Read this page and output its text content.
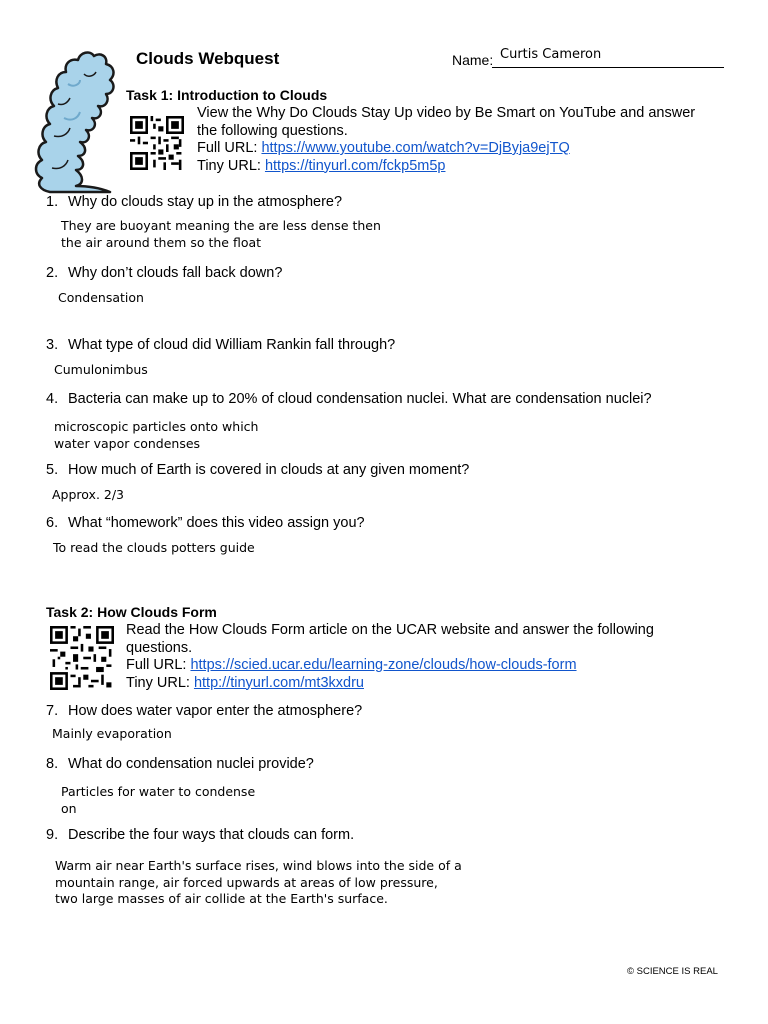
Clouds Webquest	Name: Curtis Cameron
Task 1: Introduction to Clouds
View the Why Do Clouds Stay Up video by Be Smart on YouTube and answer
the following questions.
Full URL: https://www.youtube.com/watch?v=DjByja9ejTQ
Tiny URL: https://tinyurl.com/fckp5m5p
1. Why do clouds stay up in the atmosphere?
They are buoyant meaning the are less dense then
the air around them so the float
2. Why don’t clouds fall back down?
Condensation
3. What type of cloud did William Rankin fall through?
Cumulonimbus
4. Bacteria can make up to 20% of cloud condensation nuclei. What are condensation nuclei?
microscopic particles onto which
water vapor condenses
5. How much of Earth is covered in clouds at any given moment?
Approx. 2/3
6. What “homework” does this video assign you?
To read the clouds potters guide
Task 2: How Clouds Form
Read the How Clouds Form article on the UCAR website and answer the following
questions.
Full URL: https://scied.ucar.edu/learning-zone/clouds/how-clouds-form
Tiny URL: http://tinyurl.com/mt3kxdru
7. How does water vapor enter the atmosphere?
Mainly evaporation
8. What do condensation nuclei provide?
Particles for water to condense
on
9. Describe the four ways that clouds can form.
Warm air near Earth's surface rises, wind blows into the side of a
mountain range, air forced upwards at areas of low pressure,
two large masses of air collide at the Earth's surface.
© SCIENCE IS REAL
